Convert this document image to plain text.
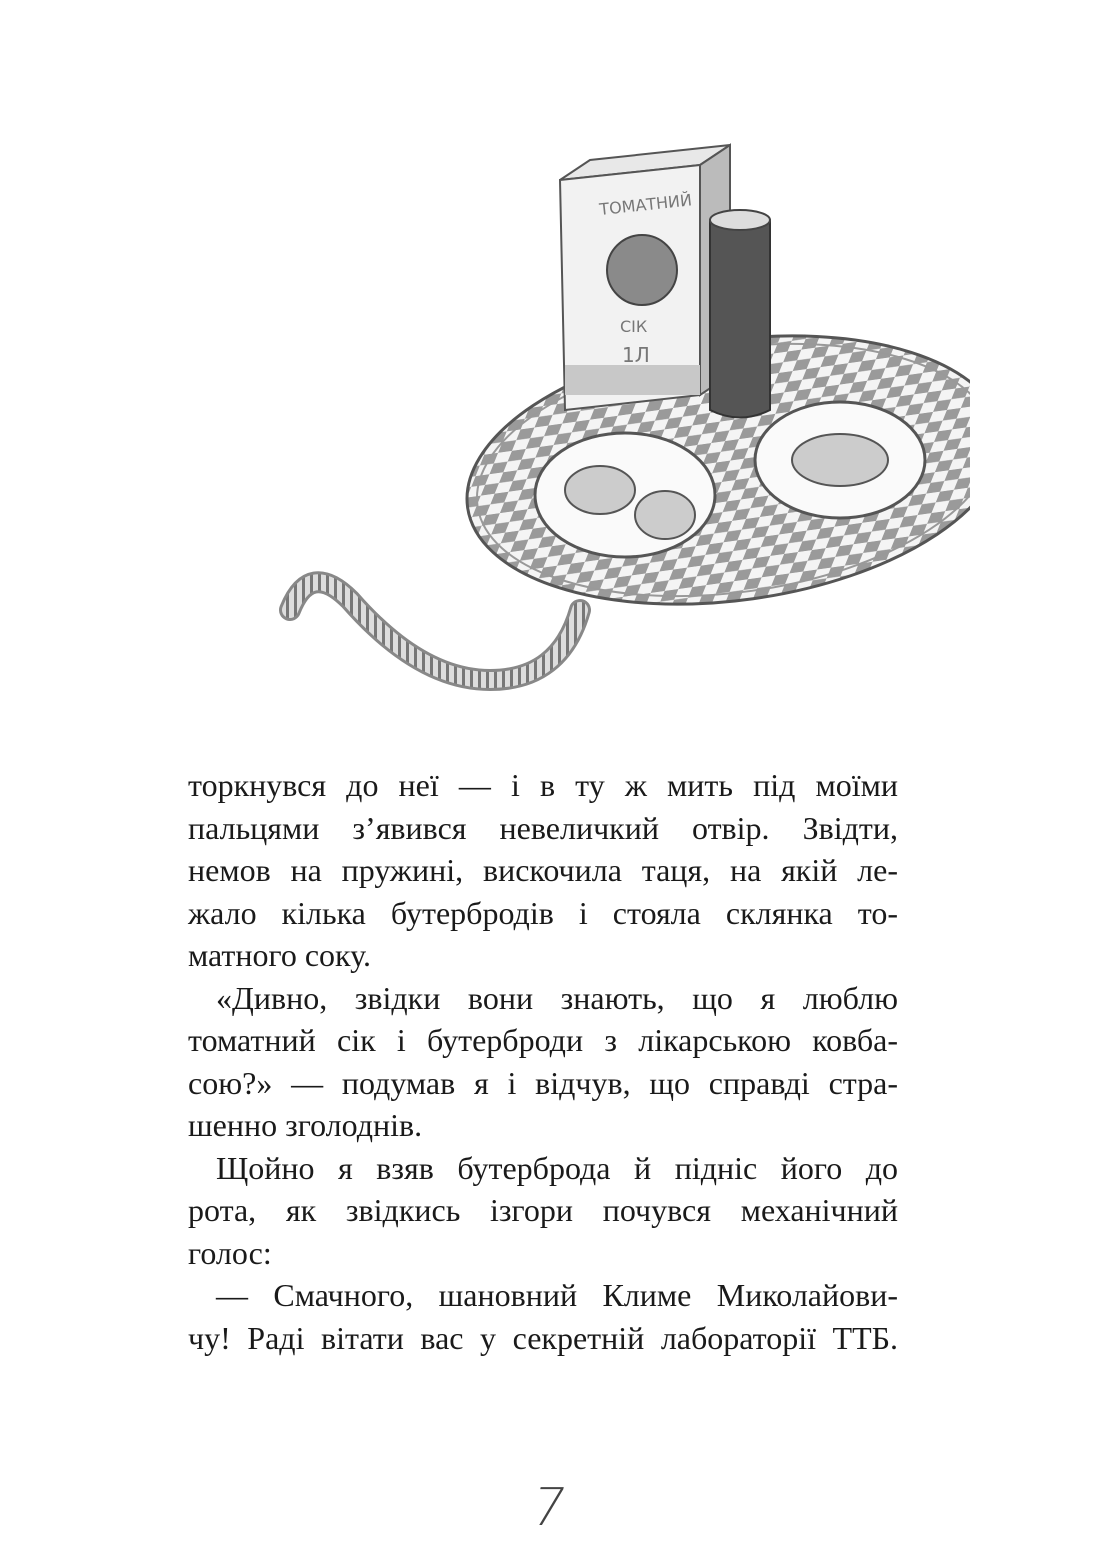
ТОМАТНИЙ
СІК
1Л
торкнувся до неї — і в ту ж мить під моїми
пальцями з’явився невеличкий отвір. Звідти,
немов на пружині, вискочила таця, на якій ле-
жало кілька бутербродів і стояла склянка то-
матного соку.
«Дивно, звідки вони знають, що я люблю
томатний сік і бутерброди з лікарською ковба-
сою?» — подумав я і відчув, що справді стра-
шенно зголоднів.
Щойно я взяв бутерброда й підніс його до
рота, як звідкись ізгори почувся механічний
голос:
— Смачного, шановний Климе Миколайови-
чу! Раді вітати вас у секретній лабораторії ТТБ.
7
